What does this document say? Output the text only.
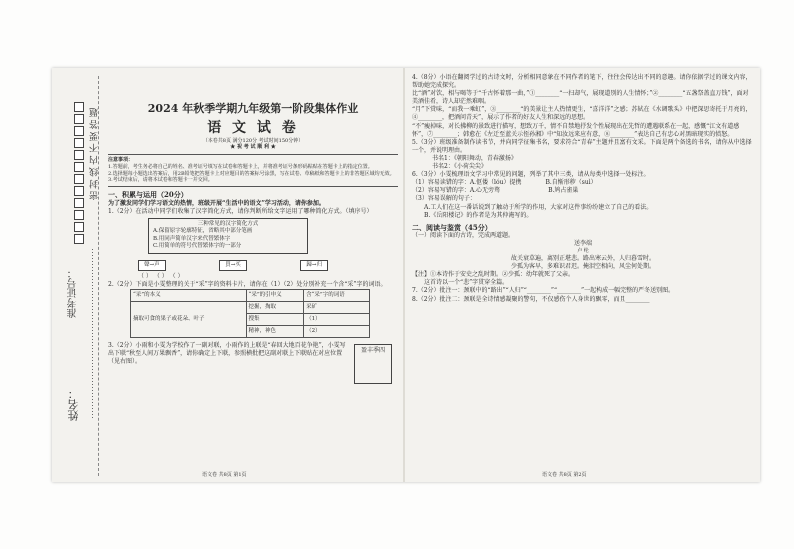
姓名：
准考证号：
密 封 线 内 不 要 答 题
⋯⋯⋯⋯⋯⋯⋯⋯⋯⋯⋯⋯⋯⋯⋯⋯⋯⋯⋯
2024 年秋季学期九年级第一阶段集体作业
语 文 试 卷
（本卷共8页 满分120分 考试时间150分钟）
★ 祝 考 试 顺 利 ★
注意事项：
1.答题前，考生务必将自己的姓名、准考证号填写在试卷和答题卡上，并将准考证号条形码粘贴在答题卡上的指定位置。
2.选择题每小题选出答案后，用2B铅笔把答题卡上对应题目的答案标号涂黑，写在试卷、草稿纸和答题卡上的非答题区域均无效。
3.考试结束后，请将本试卷和答题卡一并交回。
一、积累与运用（20分）
为了激发同学们学习语文的热情，班级开展“生活中的语文”学习活动，请你参加。
1.（2分）在活动中同学们收集了汉字简化方式，请你判断所给文字运用了哪种简化方式。（填序号）
三种常见的汉字简化方式
A.保留原字轮廓特征，省略其中部分笔画
B.用同声简单汉字来代替繁体字
C.用简单的符号代替繁体字的一部分
聲→声	買→买	歸→归
（ ） （ ） （ ）
2.（2分）下面是小雯整理的关于“采”字的资料卡片，请你在（1）（2）处分别补充一个含“采”字的词语。
“采”的本义	“采”的引申义	含“采”字的词语
摘取可食的果子或花朵、叶子	挖掘，掏取	采矿
	搜集	（1）
	精神，神色	（2）
盈丰季四
3.（2分）小雨和小雯为学校作了一副对联，小雨作的上联是“春回大地百花争艳”，小雯写出下联“秋至人间万果飘香”，请你确定上下联，参照横批把这副对联上下联贴在对应位置（见右图）。
语文卷 共8页 第1页
4.（8分）小语在翻阅学过的古诗文时，分析相同意象在不同作者的笔下，往往会传达出不同的意趣。请你依据学过的课文内容，帮助她完成探究。
比“酒”对饮，相与喝等于“千古怀着那一曲，”①________“一扫却气，展现道别的人生情怀；”②________“五盏祭盖直万钱”，面对美酒佳肴，诗人却茫然难咽。
“月”下赏味，“而我一乘虹”，③________“的美景让主人热情更生，“喜洋洋”之感；苏轼在《水调歌头》中把深思寄托于月亮的，④________，把酒问青天”，展示了作者的好友人生和深远的思想。
“不”瘦掉味，对长拂柳的景致进行描写，想致万千，情不自禁地抒发个性展现出在先哲的遭遇联系在一起，感慨“江文有道感怀”，⑦________；韩愈在《左迁至蓝关示侄孙湘》中“知汝远来应有意，⑧________”表达自己有忠心对黑暗现实的愤怒。
5.（3分）班级准备制作读书节，并向同学征集书名，要求符合“青春”主题并且富有文采。下面是两个备选的书名，请你从中选择一个，并说明理由。
书名1：《朝阳舞动，青春激扬》
书名2：《小荷尖尖》
6.（3分）小雯梳理语文学习中常见的问题，列举了其中三类，请从每类中选择一处标注。
（1）容易读错的字：A.伛偻（lóu）提携　　　　	B.自惭形秽（suì）
（2）容易写错的字：A.心无旁骛　　　　　　　　	B.鸠占雀巢
（3）容易误解的句子：
A.工人们在这一番话说到了触动于所学的作用，大家对这件事纷纷建立了自己的看法。
B.《岳阳楼记》的作者是为其仲淹写的。
二、阅读与鉴赏（45分）
（一）阅读下面的古诗，完成两道题。
送李端
卢 纶
故关衰草遍，离别正堪悲。路出寒云外，人归暮雪时。
少孤为客早，多难识君迟。掩泪空相向，风尘何处期。
【注】①本诗作于安史之乱时期。②少孤：幼年就死了父亲。
这首诗以一个“悲”字贯穿全篇。
7.（2分）批注一：颈联中的“路出”“人归”“________”“________”一起构成一幅完整的严冬送别图。
8.（2分）批注二：颈联是全诗情感凝聚的警句，不仅感伤个人身世的飘零，而且________
语文卷 共8页 第2页
